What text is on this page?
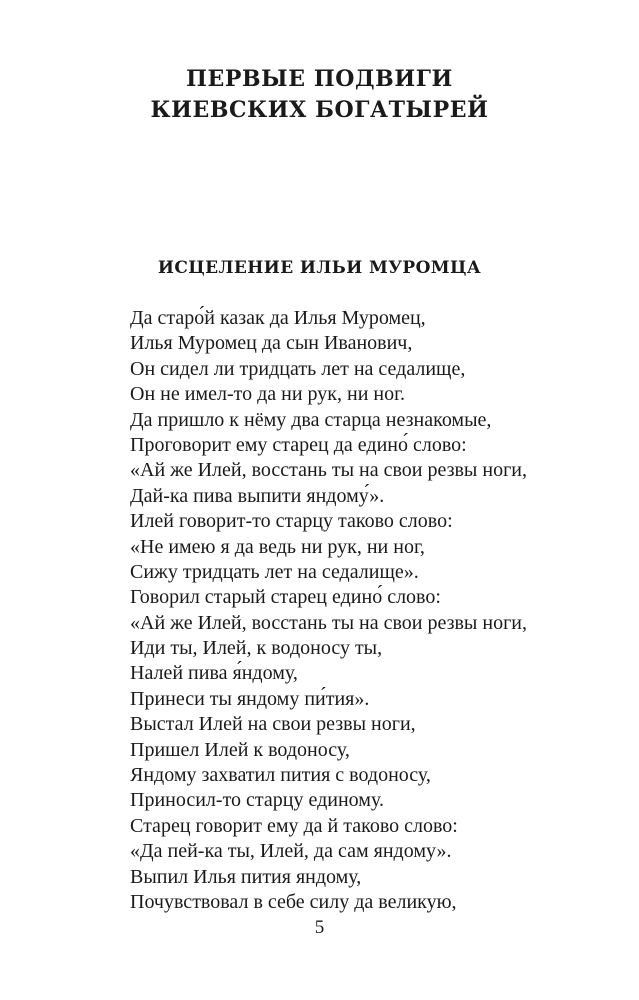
ПЕРВЫЕ ПОДВИГИ
КИЕВСКИХ БОГАТЫРЕЙ
ИСЦЕЛЕНИЕ ИЛЬИ МУРОМЦА
Да старо́й казак да Илья Муромец,
Илья Муромец да сын Иванович,
Он сидел ли тридцать лет на седалище,
Он не имел-то да ни рук, ни ног.
Да пришло к нёму два старца незнакомые,
Проговорит ему старец да едино́ слово:
«Ай же Илей, восстань ты на свои резвы ноги,
Дай-ка пива выпити яндому́».
Илей говорит-то старцу таково слово:
«Не имею я да ведь ни рук, ни ног,
Сижу тридцать лет на седалище».
Говорил старый старец едино́ слово:
«Ай же Илей, восстань ты на свои резвы ноги,
Иди ты, Илей, к водоносу ты,
Налей пива я́ндому,
Принеси ты яндому пи́тия».
Выстал Илей на свои резвы ноги,
Пришел Илей к водоносу,
Яндому захватил пития с водоносу,
Приносил-то старцу единому.
Старец говорит ему да й таково слово:
«Да пей-ка ты, Илей, да сам яндому».
Выпил Илья пития яндому,
Почувствовал в себе силу да великую,
5
